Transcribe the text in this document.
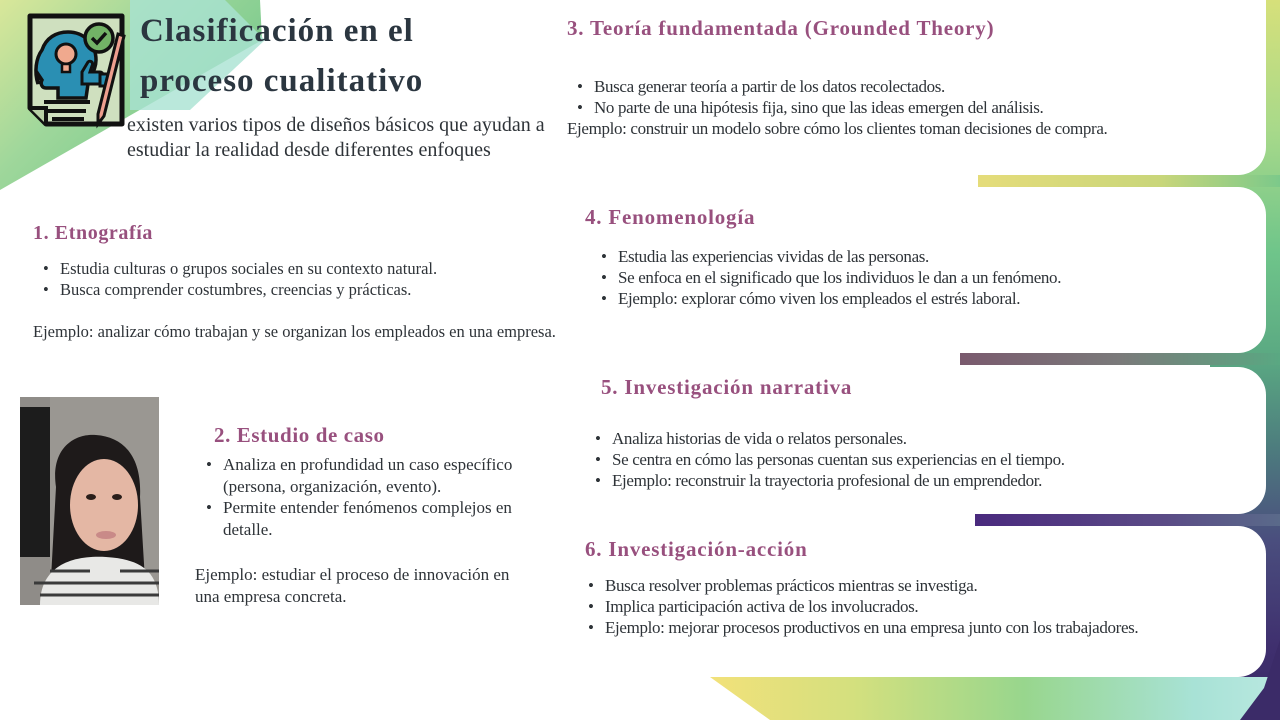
Clasificación en el
proceso cualitativo
existen varios tipos de diseños básicos que ayudan a estudiar la realidad desde diferentes enfoques
1. Etnografía
• Estudia culturas o grupos sociales en su contexto natural.
• Busca comprender costumbres, creencias y prácticas.
Ejemplo: analizar cómo trabajan y se organizan los empleados en una empresa.
2. Estudio de caso
• Analiza en profundidad un caso específico (persona, organización, evento).
• Permite entender fenómenos complejos en detalle.
Ejemplo: estudiar el proceso de innovación en una empresa concreta.
3. Teoría fundamentada (Grounded Theory)
• Busca generar teoría a partir de los datos recolectados.
• No parte de una hipótesis fija, sino que las ideas emergen del análisis.
Ejemplo: construir un modelo sobre cómo los clientes toman decisiones de compra.
4. Fenomenología
• Estudia las experiencias vividas de las personas.
• Se enfoca en el significado que los individuos le dan a un fenómeno.
• Ejemplo: explorar cómo viven los empleados el estrés laboral.
5. Investigación narrativa
• Analiza historias de vida o relatos personales.
• Se centra en cómo las personas cuentan sus experiencias en el tiempo.
• Ejemplo: reconstruir la trayectoria profesional de un emprendedor.
6. Investigación-acción
• Busca resolver problemas prácticos mientras se investiga.
• Implica participación activa de los involucrados.
• Ejemplo: mejorar procesos productivos en una empresa junto con los trabajadores.
